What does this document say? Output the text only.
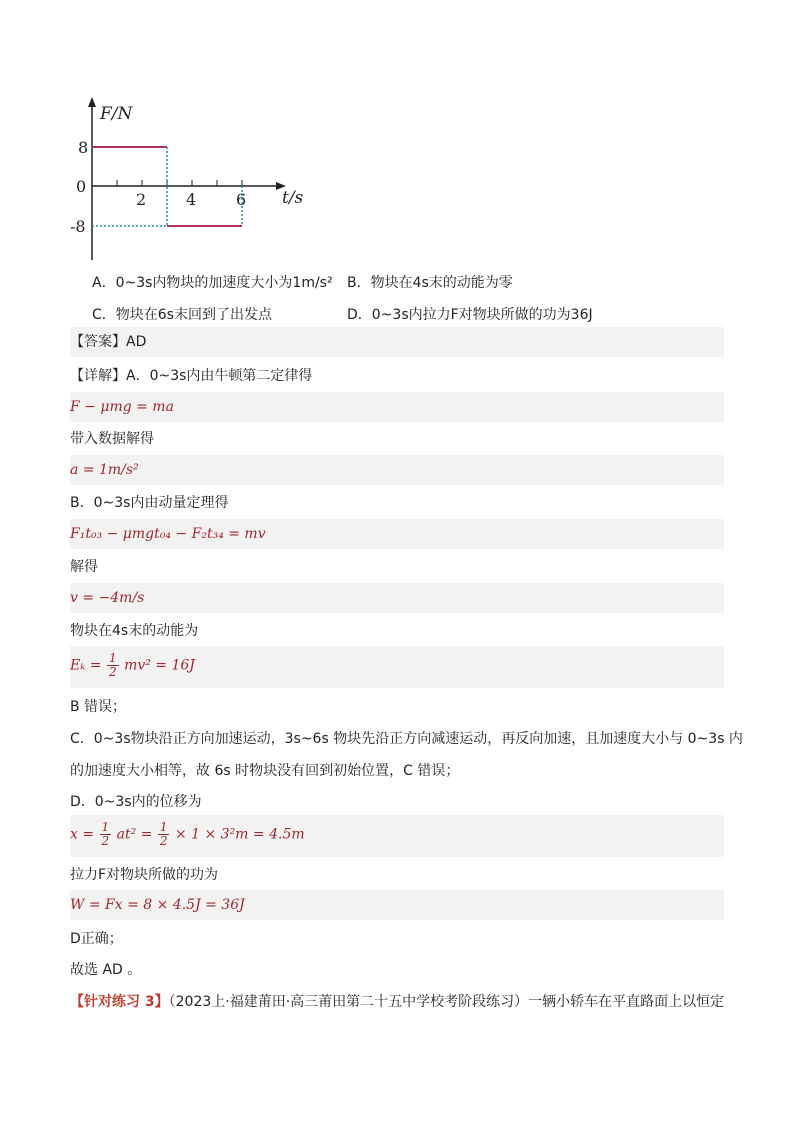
F/N
t/s
8
0
-8
2 4 6
A．0~3s内物块的加速度大小为1m/s² B．物块在4s末的动能为零
C．物块在6s末回到了出发点	D．0~3s内拉力F对物块所做的功为36J
【答案】AD
【详解】A．0~3s内由牛顿第二定律得
F − μmg = ma
带入数据解得
a = 1m/s²
B．0~3s内由动量定理得
F₁t₀₃ − μmgt₀₄ − F₂t₃₄ = mv
解得
v = −4m/s
物块在4s末的动能为
$E_k = \frac{1}{2} mv^2 = 16J$
B 错误；
C．0~3s物块沿正方向加速运动，3s~6s 物块先沿正方向减速运动，再反向加速，且加速度大小与 0~3s 内
的加速度大小相等，故 6s 时物块没有回到初始位置，C 错误；
D．0~3s内的位移为
$x = \frac{1}{2} at^2 = \frac{1}{2} \times 1 \times 3^2m = 4.5m$
拉力F对物块所做的功为
W = Fx = 8 × 4.5J = 36J
D正确；
故选 AD 。
【针对练习 3】（2023上·福建莆田·高三莆田第二十五中学校考阶段练习）一辆小轿车在平直路面上以恒定
